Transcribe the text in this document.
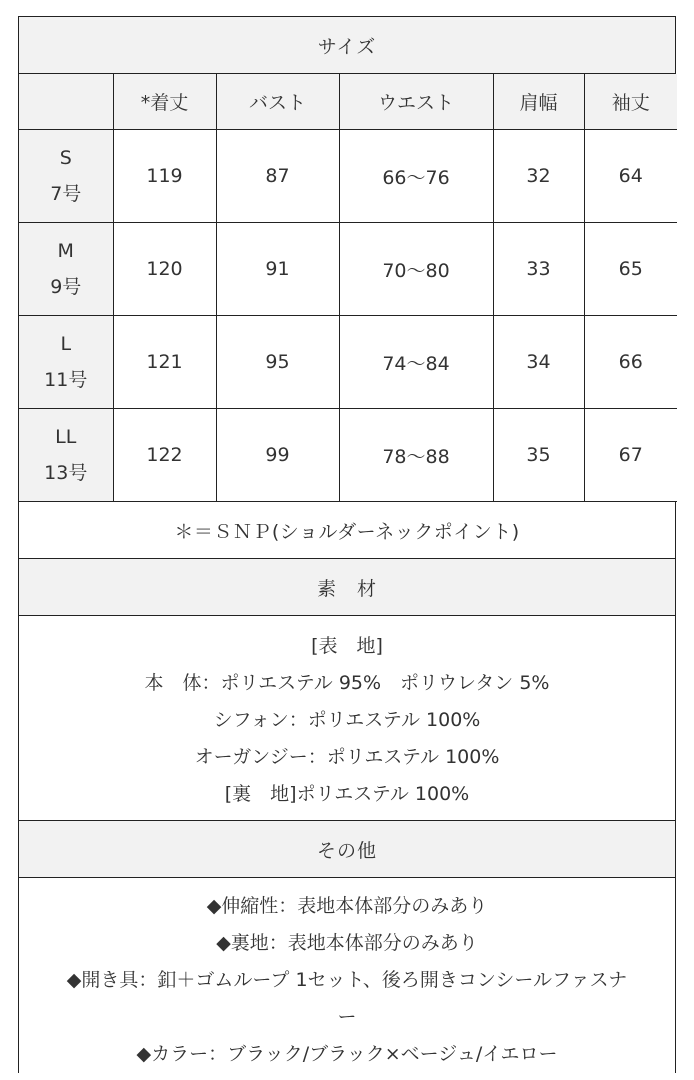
サイズ
	*着丈	バスト	ウエスト	肩幅	袖丈
S
7号	119	87	66〜76	32	64
M
9号	120	91	70〜80	33	65
L
11号	121	95	74〜84	34	66
LL
13号	122	99	78〜88	35	67
＊＝ＳＮＰ(ショルダーネックポイント)
素　材
[表　地]
本　体：ポリエステル 95%　ポリウレタン 5%
シフォン：ポリエステル 100%
オーガンジー：ポリエステル 100%
[裏　地]ポリエステル 100%
その他
◆伸縮性：表地本体部分のみあり
◆裏地：表地本体部分のみあり
◆開き具：釦＋ゴムループ 1セット、後ろ開きコンシールファスナ
ー
◆カラー：ブラック/ブラック×ベージュ/イエロー
